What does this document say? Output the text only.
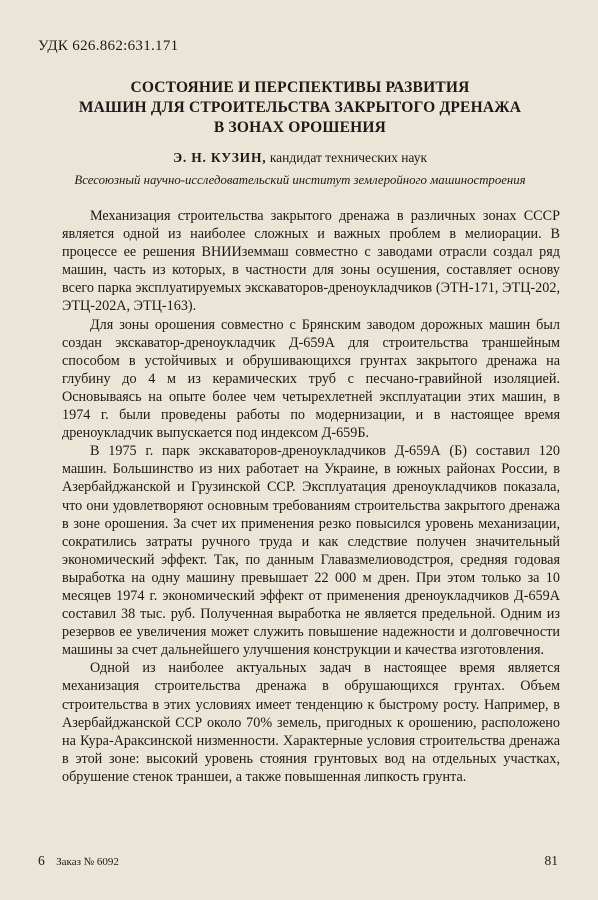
УДК 626.862:631.171
СОСТОЯНИЕ И ПЕРСПЕКТИВЫ РАЗВИТИЯ
МАШИН ДЛЯ СТРОИТЕЛЬСТВА ЗАКРЫТОГО ДРЕНАЖА
В ЗОНАХ ОРОШЕНИЯ
Э. Н. КУЗИН, кандидат технических наук
Всесоюзный научно-исследовательский институт землеройного машиностроения

Механизация строительства закрытого дренажа в различных зонах СССР является одной из наиболее сложных и важных проблем в мелиорации. В процессе ее решения ВНИИземмаш совместно с заводами отрасли создал ряд машин, часть из которых, в частности для зоны осушения, составляет основу всего парка эксплуатируемых экскаваторов-дреноукладчиков (ЭТН-171, ЭТЦ-202, ЭТЦ-202А, ЭТЦ-163).

Для зоны орошения совместно с Брянским заводом дорожных машин был создан экскаватор-дреноукладчик Д-659А для строительства траншейным способом в устойчивых и обрушивающихся грунтах закрытого дренажа на глубину до 4 м из керамических труб с песчано-гравийной изоляцией. Основываясь на опыте более чем четырехлетней эксплуатации этих машин, в 1974 г. были проведены работы по модернизации, и в настоящее время дреноукладчик выпускается под индексом Д-659Б.

В 1975 г. парк экскаваторов-дреноукладчиков Д-659А (Б) составил 120 машин. Большинство из них работает на Украине, в южных районах России, в Азербайджанской и Грузинской ССР. Эксплуатация дреноукладчиков показала, что они удовлетворяют основным требованиям строительства закрытого дренажа в зоне орошения. За счет их применения резко повысился уровень механизации, сократились затраты ручного труда и как следствие получен значительный экономический эффект. Так, по данным Главазмелиоводстроя, средняя годовая выработка на одну машину превышает 22 000 м дрен. При этом только за 10 месяцев 1974 г. экономический эффект от применения дреноукладчиков Д-659А составил 38 тыс. руб. Полученная выработка не является предельной. Одним из резервов ее увеличения может служить повышение надежности и долговечности машины за счет дальнейшего улучшения конструкции и качества изготовления.

Одной из наиболее актуальных задач в настоящее время является механизация строительства дренажа в обрушающихся грунтах. Объем строительства в этих условиях имеет тенденцию к быстрому росту. Например, в Азербайджанской ССР около 70% земель, пригодных к орошению, расположено на Кура-Араксинской низменности. Характерные условия строительства дренажа в этой зоне: высокий уровень стояния грунтовых вод на отдельных участках, обрушение стенок траншеи, а также повышенная липкость грунта.

6 Заказ № 6092	81
